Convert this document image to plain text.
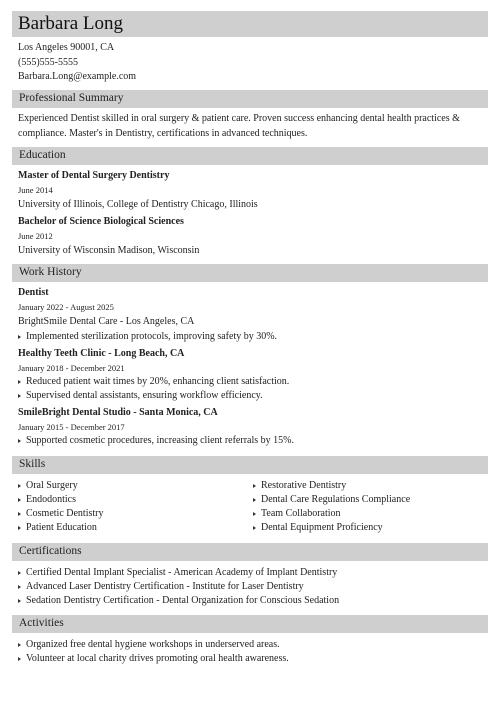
Barbara Long
Los Angeles 90001, CA
(555)555-5555
Barbara.Long@example.com
Professional Summary
Experienced Dentist skilled in oral surgery & patient care. Proven success enhancing dental health practices & compliance. Master's in Dentistry, certifications in advanced techniques.
Education
Master of Dental Surgery Dentistry
June 2014
University of Illinois, College of Dentistry Chicago, Illinois
Bachelor of Science Biological Sciences
June 2012
University of Wisconsin Madison, Wisconsin
Work History
Dentist
January 2022 - August 2025
BrightSmile Dental Care - Los Angeles, CA
Implemented sterilization protocols, improving safety by 30%.
Healthy Teeth Clinic - Long Beach, CA
January 2018 - December 2021
Reduced patient wait times by 20%, enhancing client satisfaction.
Supervised dental assistants, ensuring workflow efficiency.
SmileBright Dental Studio - Santa Monica, CA
January 2015 - December 2017
Supported cosmetic procedures, increasing client referrals by 15%.
Skills
Oral Surgery
Endodontics
Cosmetic Dentistry
Patient Education
Restorative Dentistry
Dental Care Regulations Compliance
Team Collaboration
Dental Equipment Proficiency
Certifications
Certified Dental Implant Specialist - American Academy of Implant Dentistry
Advanced Laser Dentistry Certification - Institute for Laser Dentistry
Sedation Dentistry Certification - Dental Organization for Conscious Sedation
Activities
Organized free dental hygiene workshops in underserved areas.
Volunteer at local charity drives promoting oral health awareness.
